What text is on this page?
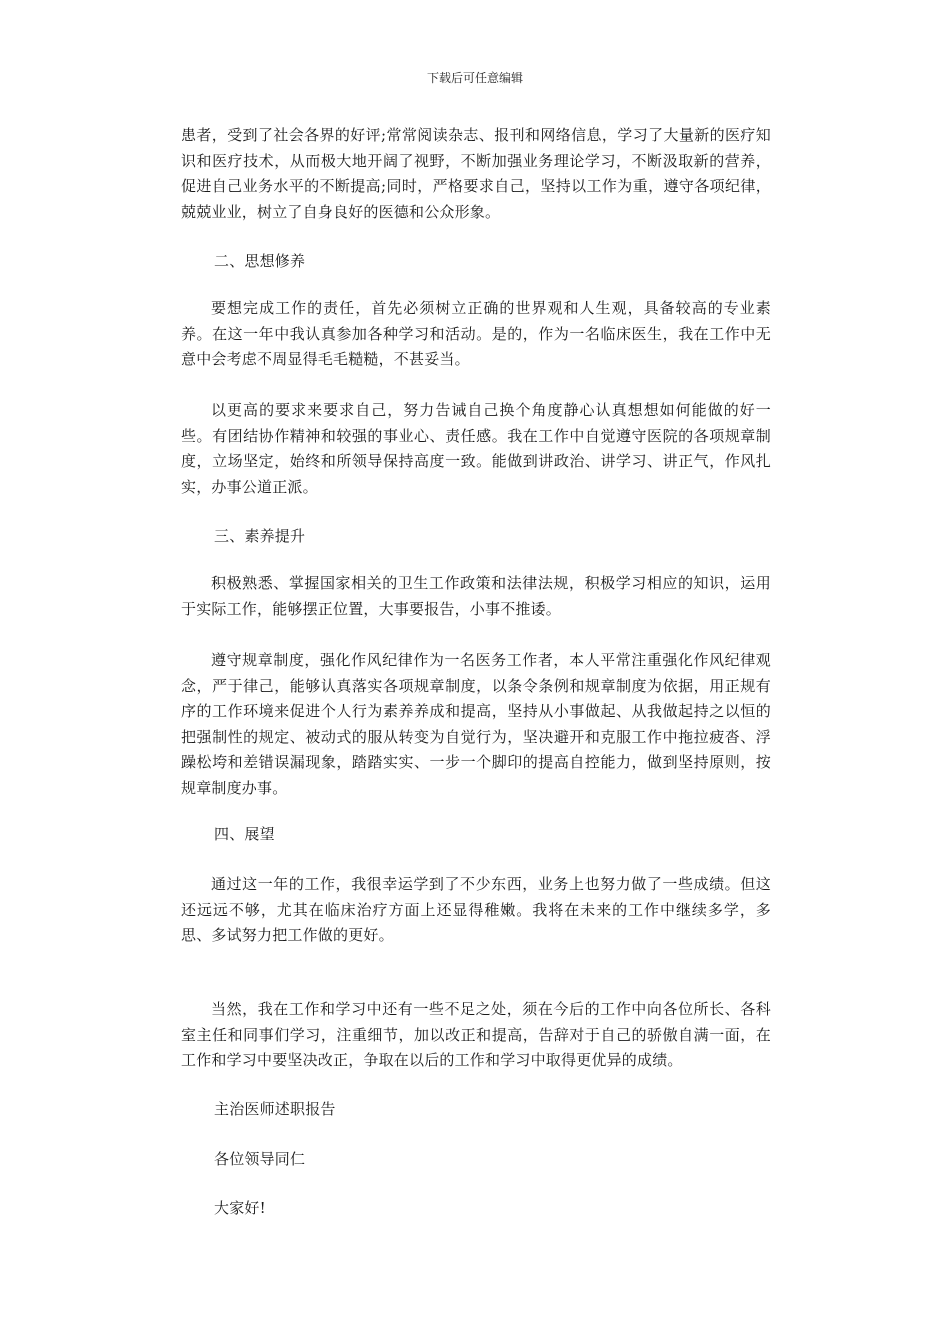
下载后可任意编辑

患者，受到了社会各界的好评;常常阅读杂志、报刊和网络信息，学习了大量新的医疗知识和医疗技术，从而极大地开阔了视野，不断加强业务理论学习，不断汲取新的营养，促进自己业务水平的不断提高;同时，严格要求自己，坚持以工作为重，遵守各项纪律，兢兢业业，树立了自身良好的医德和公众形象。

二、思想修养

要想完成工作的责任，首先必须树立正确的世界观和人生观，具备较高的专业素养。在这一年中我认真参加各种学习和活动。是的，作为一名临床医生，我在工作中无意中会考虑不周显得毛毛糙糙，不甚妥当。

以更高的要求来要求自己，努力告诫自己换个角度静心认真想想如何能做的好一些。有团结协作精神和较强的事业心、责任感。我在工作中自觉遵守医院的各项规章制度，立场坚定，始终和所领导保持高度一致。能做到讲政治、讲学习、讲正气，作风扎实，办事公道正派。

三、素养提升

积极熟悉、掌握国家相关的卫生工作政策和法律法规，积极学习相应的知识，运用于实际工作，能够摆正位置，大事要报告，小事不推诿。

遵守规章制度，强化作风纪律作为一名医务工作者，本人平常注重强化作风纪律观念，严于律己，能够认真落实各项规章制度，以条令条例和规章制度为依据，用正规有序的工作环境来促进个人行为素养养成和提高，坚持从小事做起、从我做起持之以恒的把强制性的规定、被动式的服从转变为自觉行为，坚决避开和克服工作中拖拉疲沓、浮躁松垮和差错误漏现象，踏踏实实、一步一个脚印的提高自控能力，做到坚持原则，按规章制度办事。

四、展望

通过这一年的工作，我很幸运学到了不少东西，业务上也努力做了一些成绩。但这还远远不够，尤其在临床治疗方面上还显得稚嫩。我将在未来的工作中继续多学，多思、多试努力把工作做的更好。

当然，我在工作和学习中还有一些不足之处，须在今后的工作中向各位所长、各科室主任和同事们学习，注重细节，加以改正和提高，告辞对于自己的骄傲自满一面，在工作和学习中要坚决改正，争取在以后的工作和学习中取得更优异的成绩。

主治医师述职报告

各位领导同仁

大家好!
